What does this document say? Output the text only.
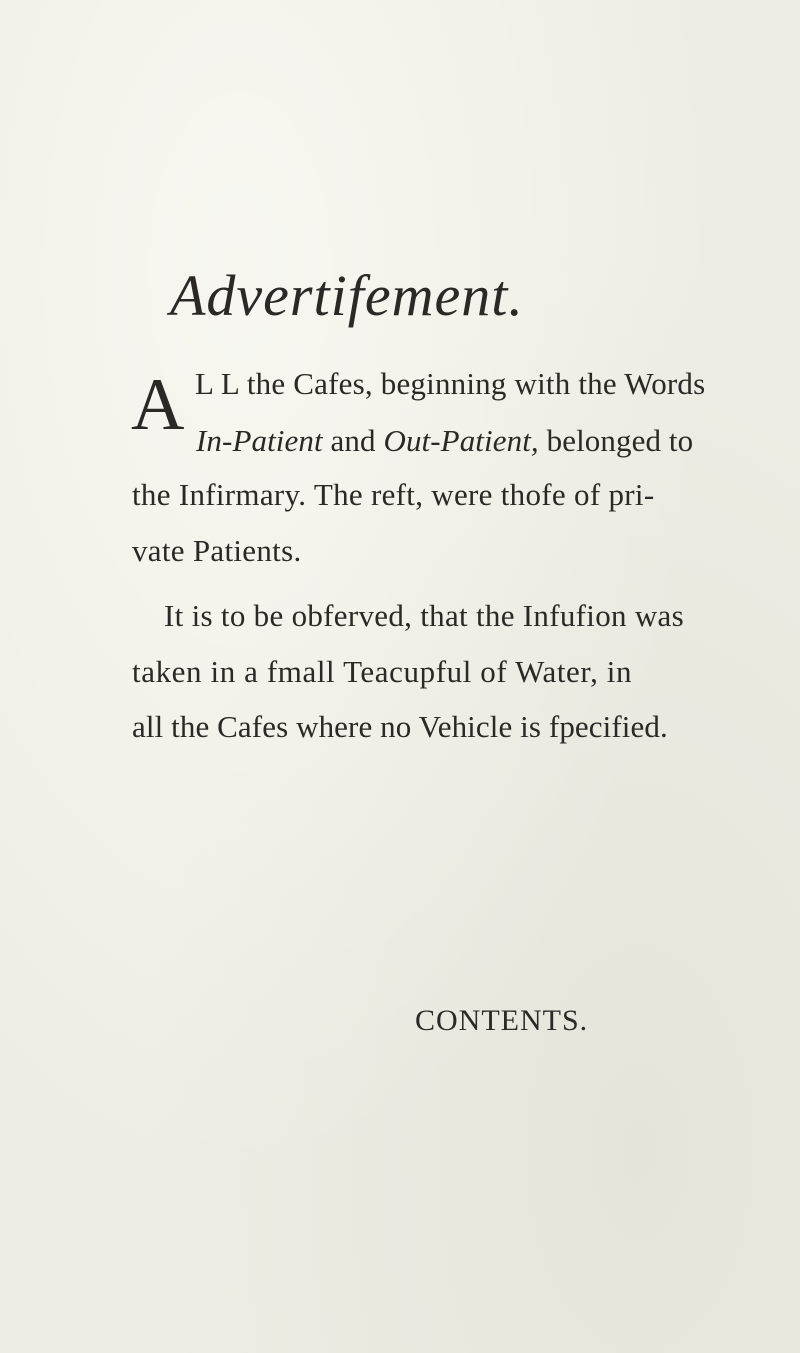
Advertifement.
A L L the Cafes, beginning with the Words
In-Patient and Out-Patient, belonged to
the Infirmary. The reft, were thofe of pri-
vate Patients.
It is to be obferved, that the Infufion was
taken in a fmall Teacupful of Water, in
all the Cafes where no Vehicle is fpecified.
CONTENTS.
